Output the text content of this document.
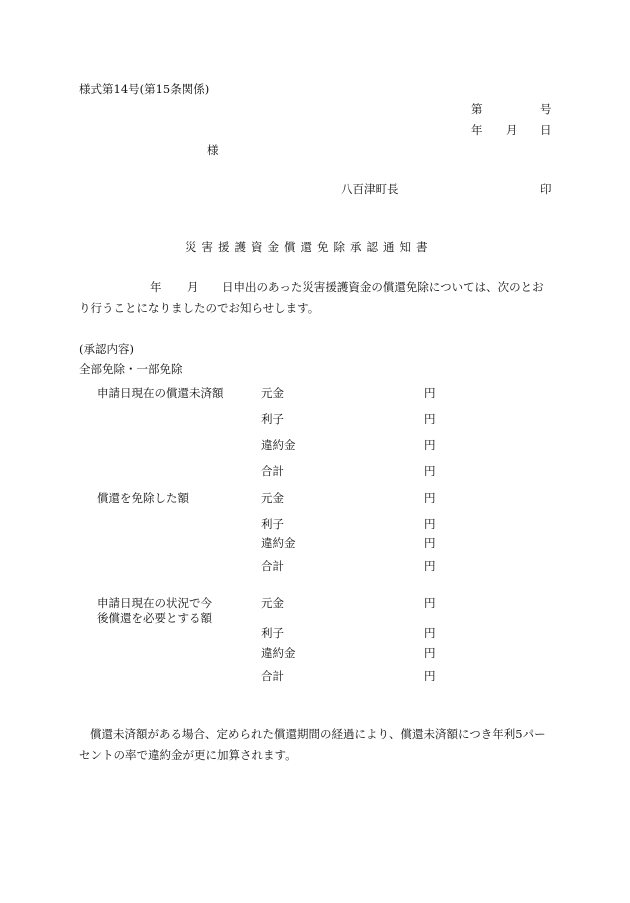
様式第14号(第15条関係)
第	号
年 月 日
様
八百津町長	印
災害援護資金償還免除承認通知書
年 月	日申出のあった災害援護資金の償還免除については、次のとおり行うことになりましたのでお知らせします。
(承認内容)
全部免除・一部免除
申請日現在の償還未済額	元金	円
利子	円
違約金	円
合計	円
償還を免除した額	元金	円
利子	円
違約金	円
合計	円
申請日現在の状況で今
後償還を必要とする額
元金	円
利子	円
違約金	円
合計	円
償還未済額がある場合、定められた償還期間の経過により、償還未済額につき年利5パーセントの率で違約金が更に加算されます。
